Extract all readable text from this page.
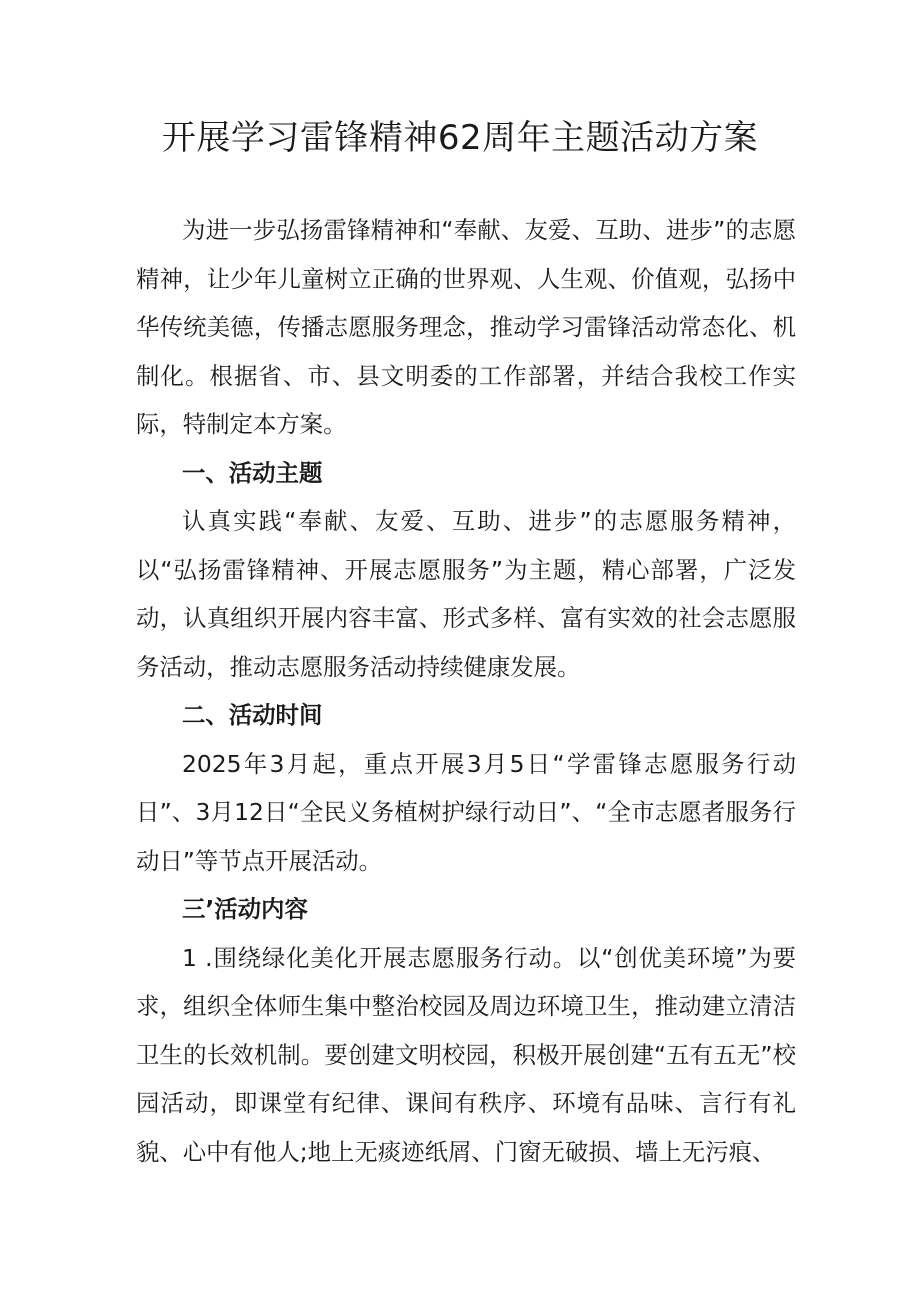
开展学习雷锋精神62周年主题活动方案

为进一步弘扬雷锋精神和“奉献、友爱、互助、进步”的志愿精神，让少年儿童树立正确的世界观、人生观、价值观，弘扬中华传统美德，传播志愿服务理念，推动学习雷锋活动常态化、机制化。根据省、市、县文明委的工作部署，并结合我校工作实际，特制定本方案。

一、活动主题

认真实践“奉献、友爱、互助、进步”的志愿服务精神，以“弘扬雷锋精神、开展志愿服务”为主题，精心部署，广泛发动，认真组织开展内容丰富、形式多样、富有实效的社会志愿服务活动，推动志愿服务活动持续健康发展。

二、活动时间

2025年3月起，重点开展3月5日“学雷锋志愿服务行动日”、3月12日“全民义务植树护绿行动日”、“全市志愿者服务行动日”等节点开展活动。

三’活动内容

1 .围绕绿化美化开展志愿服务行动。以“创优美环境”为要求，组织全体师生集中整治校园及周边环境卫生，推动建立清洁卫生的长效机制。要创建文明校园，积极开展创建“五有五无”校园活动，即课堂有纪律、课间有秩序、环境有品味、言行有礼貌、心中有他人;地上无痰迹纸屑、门窗无破损、墙上无污痕、
